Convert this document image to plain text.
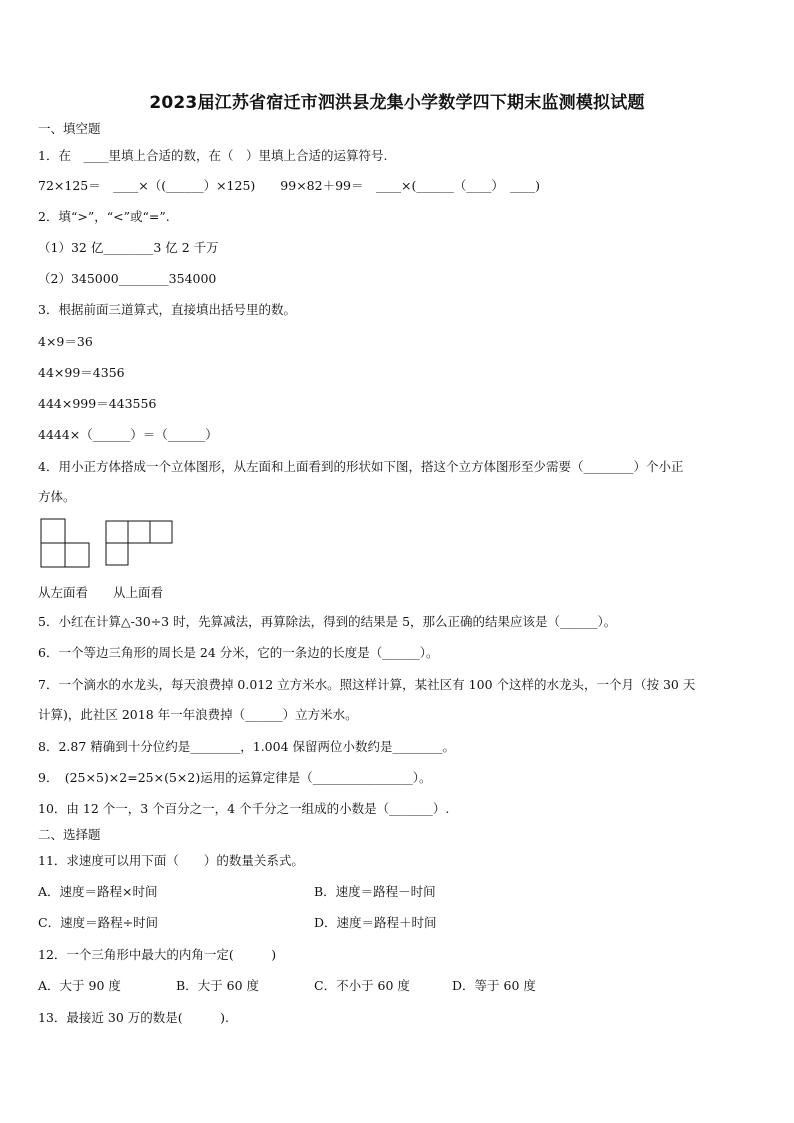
2023届江苏省宿迁市泗洪县龙集小学数学四下期末监测模拟试题
一、填空题
1．在　____里填上合适的数，在（　）里填上合适的运算符号.
72×125＝　____×（(______）×125)　　99×82＋99＝　____×(______（____）　____)
2．填“>”，“<”或“=”.
（1）32 亿________3 亿 2 千万
（2）345000________354000
3．根据前面三道算式，直接填出括号里的数。
4×9＝36
44×99＝4356
444×999＝443556
4444×（______）＝（______）
4．用小正方体搭成一个立体图形，从左面和上面看到的形状如下图，搭这个立方体图形至少需要（________）个小正
方体。
从左面看　　从上面看
5．小红在计算△-30÷3 时，先算减法，再算除法，得到的结果是 5，那么正确的结果应该是（______）。
6．一个等边三角形的周长是 24 分米，它的一条边的长度是（______）。
7．一个滴水的水龙头，每天浪费掉 0.012 立方米水。照这样计算，某社区有 100 个这样的水龙头，一个月（按 30 天
计算)，此社区 2018 年一年浪费掉（______）立方米水。
8．2.87 精确到十分位约是________，1.004 保留两位小数约是________。
9．　(25×5)×2=25×(5×2)运用的运算定律是（________________）。
10．由 12 个一，3 个百分之一，4 个千分之一组成的小数是（_______）.
二、选择题
11．求速度可以用下面（　　）的数量关系式。
A．速度＝路程×时间	B．速度＝路程－时间
C．速度＝路程÷时间	D．速度＝路程＋时间
12．一个三角形中最大的内角一定(　　　)
A．大于 90 度	B．大于 60 度	C．不小于 60 度	D．等于 60 度
13．最接近 30 万的数是(　　　).
